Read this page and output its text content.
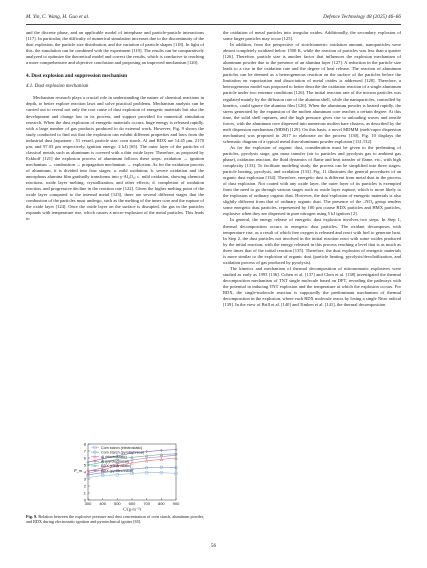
M. Yin, C. Wang, H. Guo et al.	Defence Technology 48 (2025) 46–66

and the discrete phase, and an applicable model of interphase and particle-particle interactions [117]. In particular, the difficulty of numerical simulation increases due to the discontinuity of the dust explosion, the particle size distribution, and the variation of particle shapes [118]. In light of this, the simulation can be combined with the experiment [119]. The results can be comparatively analyzed to optimize the theoretical model and correct the results, which is conducive to reaching a more comprehensive and objective conclusion and proposing an improved mechanism [120].

4. Dust explosion and suppression mechanism
4.1. Dust explosion mechanism

Mechanism research plays a crucial role in understanding the nature of chemical reactions in depth, to better explore reaction laws and solve practical problems. Mechanism analysis can be carried out to reveal not only the root cause of dust explosion of energetic materials but also the development and change law in its process, and support provided for numerical simulation research. When the dust explosion of energetic materials occurs, huge energy is released rapidly, with a large number of gas products produced to do external work. However, Fig. 9 shows the study conducted to find out that the explosion can exhibit different properties and laws from the industrial dust (aquatone : 51 vessel, particle size: corn starch, Al and RDX are 14.45 μm, 2170 μm, and 97.03 μm respectively, ignition energy: 2 kJ) [65]. The outer layer of the particles of classical metals such as aluminum is covered with a thin oxide layer. Therefore, as proposed by Eckhoff [121] the explosion process of aluminum follows these steps: oxidation → ignition mechanism → combustion → propagation mechanism → explosion. As for the oxidation process of aluminum, it is divided into four stages: a. mild oxidation; b. severe oxidation and the amorphous alumina film gradually transforms into γ-Al₂O₃; c. mild oxidation, showing chemical reactions, oxide layer melting, crystallization, and other effects; d. completion of oxidation reaction, and progressive decline in the reaction rate [122]. Given the higher melting point of the oxide layer compared to the internal metal [123], there are several different stages that the combustion of the particles must undergo, such as the melting of the inner core and the rupture of the oxide layer [124]. Once the oxide layer on the surface is disrupted, the gas in the particles expands with temperature rise, which causes a micro-explosion of the metal particles. This leads to

0
1
2
3
4
5
6
7
8
300 400 500 600 700 800 900
P_m
C/(g·m⁻³)
Corn starch (electrostatic)
Corn starch (pyrotechnical)
Al (electrostatic)
Al (pyrotechnical)
RDX (electrostatic)
RDX (pyrotechnical)
Fig. 9. Relation between the explosive pressure and dust concentration of corn starch, aluminum powder, and RDX during electrostatic ignition and pyrotechnical igniter [65].

the oxidation of metal particles into irregular oxides. Additionally, the secondary explosion of some larger particles may occur [125].

In addition, from the perspective of stoichiometric oxidation amount, nanoparticles were almost completely oxidized below 1500 K, while the reaction of particles was less than a quarter [126]. Therefore, particle size is another factor that influences the explosion mechanism of aluminum powder due to the presence of an alumina layer [127]. A reduction in the particle size leads to a rise in the oxidation rate and the degree of heat release. The reaction of aluminum particles can be deemed as a heterogeneous reaction on the surface of the particles before the limitation on vaporization and dissociation of metal oxides is addressed [128]. Therefore, a heterogeneous model was proposed to better describe the oxidation reaction of a single aluminum particle under two extreme conditions [126]. The initial reaction rate of the micron particles was regulated mainly by the diffusion rate of the alumina shell, while the nanoparticles, controlled by kinetics, could ignore the alumina film [126]. When the aluminum powder is heated rapidly, the stress generated by the expansion of the molten aluminum core reaches a certain degree. At this time, the solid shell ruptures, and the high pressure gives rise to unloading waves and tensile forces, with the aluminum core dispersed into numerous molten bare clusters, as described by the melt dispersion mechanism (MDM) [129]. On this basis, a novel MDMM (melt/vapor dispersion mechanism) was proposed in 2017 to elaborate on the process [130]. Fig. 10 displays the schematic diagram of a typical metal dust-aluminum powder explosion [131,132].

As for the explosion of organic dust, consideration must be given to the preheating of particles, pyrolysis stage, gas mass transfer (air to particles and pyrolysis gas to ambient gas phase), oxidation reaction, the fluid dynamics of flame and heat transfer of flame, etc., with high complexity [133]. To facilitate modeling study, the process can be simplified into three stages: particle heating, pyrolysis, and oxidation [133]. Fig. 11 illustrates the general procedures of an organic dust explosion [134]. Therefore, energetic dust is different from metal dust in the process of dust explosion. Not coated with any oxide layer, the outer layer of its particles is exempted from the need to go through various stages such as oxide layer rupture, which is more likely to the explosion of ordinary organic dust. However, the dust explosion of energetic materials is also slightly different from that of ordinary organic dust. The presence of the –NO₂ group renders some energetic dust particles, represented by 100 μm coarse RDX particles and HMX particles, explosive when they are dispersed in pure nitrogen using 5 kJ ignitors [2].

In general, the energy release of energetic dust explosion involves two steps. In Step 1, thermal decomposition occurs to energetic dust particles. The oxidant decomposes with temperature rise, as a result of which free oxygen is released and react with fuel to generate heat. In Step 2, the dust particles not involved in the initial reaction react with some oxides produced by the initial reaction, with the energy released in this process reaching a level that is as much as three times that of the initial reaction [135]. Therefore, the dust explosion of energetic materials is more similar to the explosion of organic dust (particle heating, pyrolysis/devolatilization, and oxidation process of gas produced by pyrolysis).

The kinetics and mechanism of thermal decomposition of nitroaromatic explosives were studied as early as 1993 [136]. Cohen et al. [137] and Chen et al. [138] investigated the thermal decomposition mechanism of TNT single molecule based on DFT, revealing the pathways with the potential in inducing TNT explosion and the temperature at which the explosion occurs. For RDX, the single-molecule reaction is supposedly the predominant mechanism of thermal decomposition in the explosion, where each RDX molecule reacts by losing a single Nitro radical [139]. In the view of Brill et al. [140] and Timken et al. [141], the thermal decomposition

56
